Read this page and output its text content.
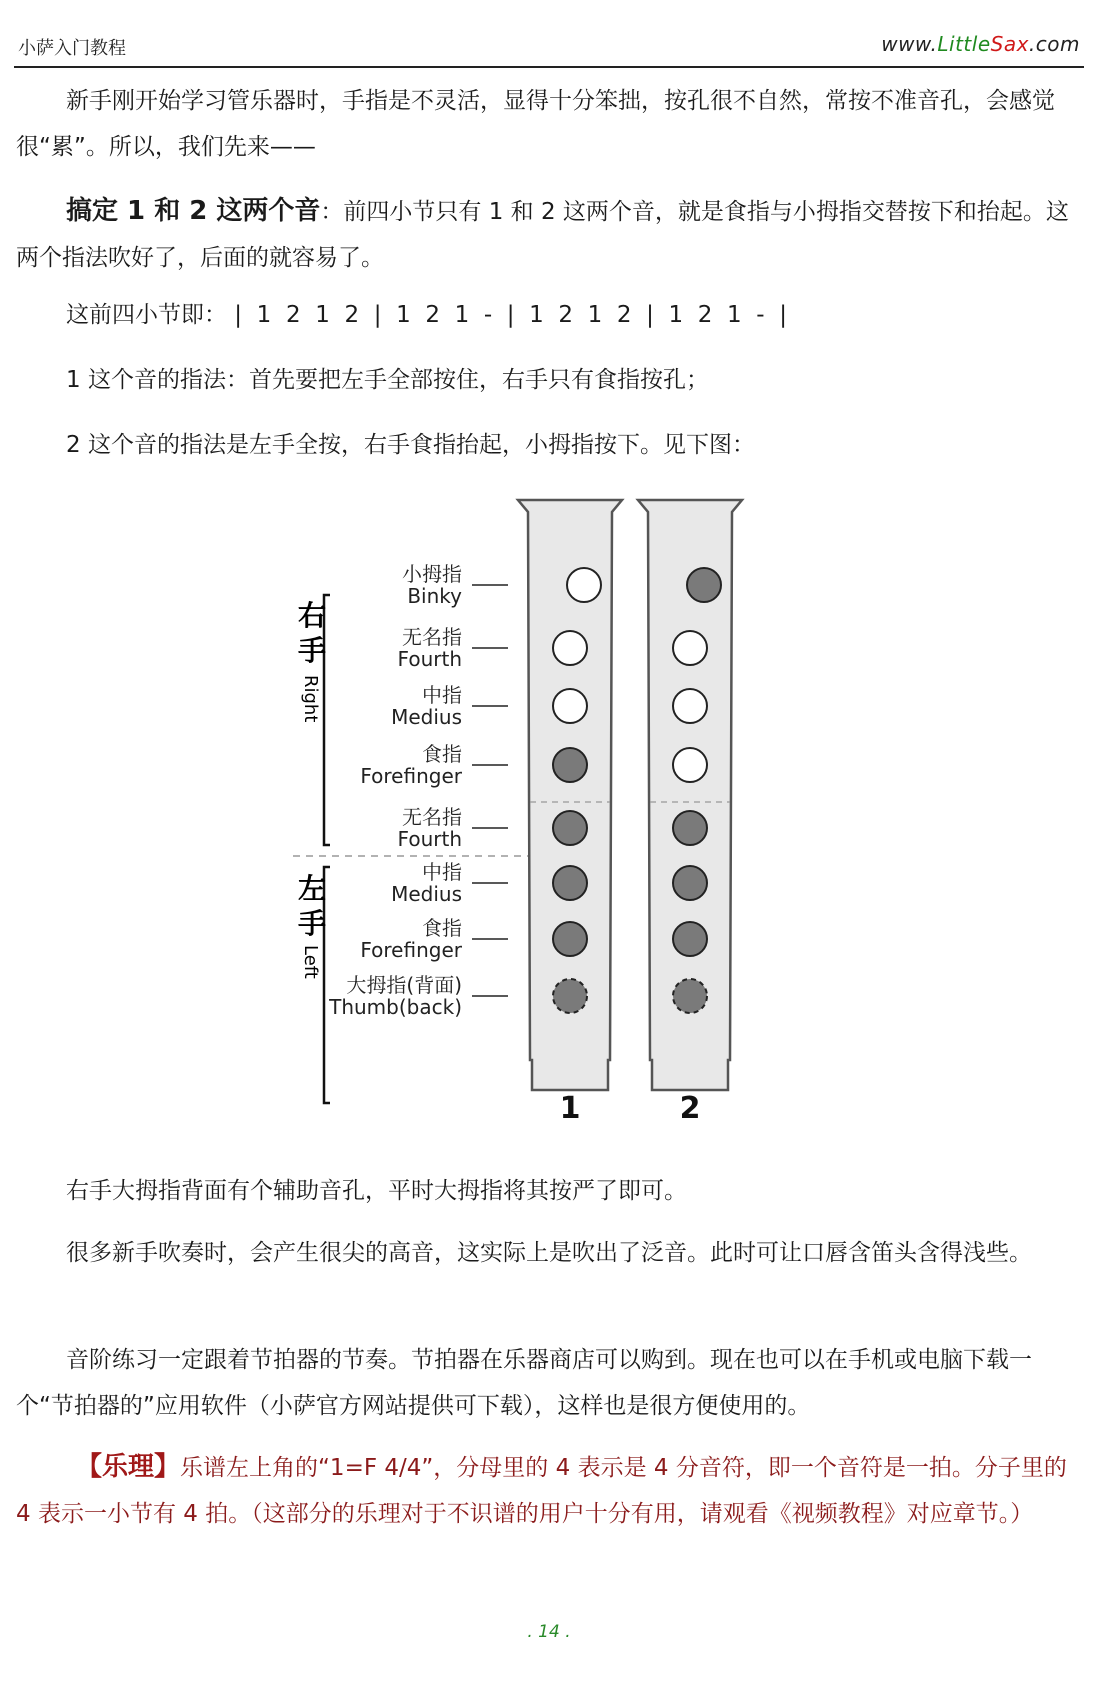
小萨入门教程	www.LittleSax.com
新手刚开始学习管乐器时，手指是不灵活，显得十分笨拙，按孔很不自然，常按不准音孔，会感觉很“累”。所以，我们先来——
搞定 1 和 2 这两个音：前四小节只有 1 和 2 这两个音，就是食指与小拇指交替按下和抬起。这两个指法吹好了，后面的就容易了。
这前四小节即： |  1  2  1  2  |  1  2  1  -  |  1  2  1  2  |  1  2  1  -  |
1 这个音的指法：首先要把左手全部按住，右手只有食指按孔；
2 这个音的指法是左手全按，右手食指抬起，小拇指按下。见下图：
右
手
Right
左
手
Left
小拇指
Binky
无名指
Fourth
中指
Medius
食指
Forefinger
无名指
Fourth
中指
Medius
食指
Forefinger
大拇指(背面)
Thumb(back)
1	2
右手大拇指背面有个辅助音孔，平时大拇指将其按严了即可。
很多新手吹奏时，会产生很尖的高音，这实际上是吹出了泛音。此时可让口唇含笛头含得浅些。
音阶练习一定跟着节拍器的节奏。节拍器在乐器商店可以购到。现在也可以在手机或电脑下载一个“节拍器的”应用软件（小萨官方网站提供可下载），这样也是很方便使用的。
【乐理】乐谱左上角的“1=F 4/4”，分母里的 4 表示是 4 分音符，即一个音符是一拍。分子里的 4 表示一小节有 4 拍。（这部分的乐理对于不识谱的用户十分有用，请观看《视频教程》对应章节。）
. 14 .
